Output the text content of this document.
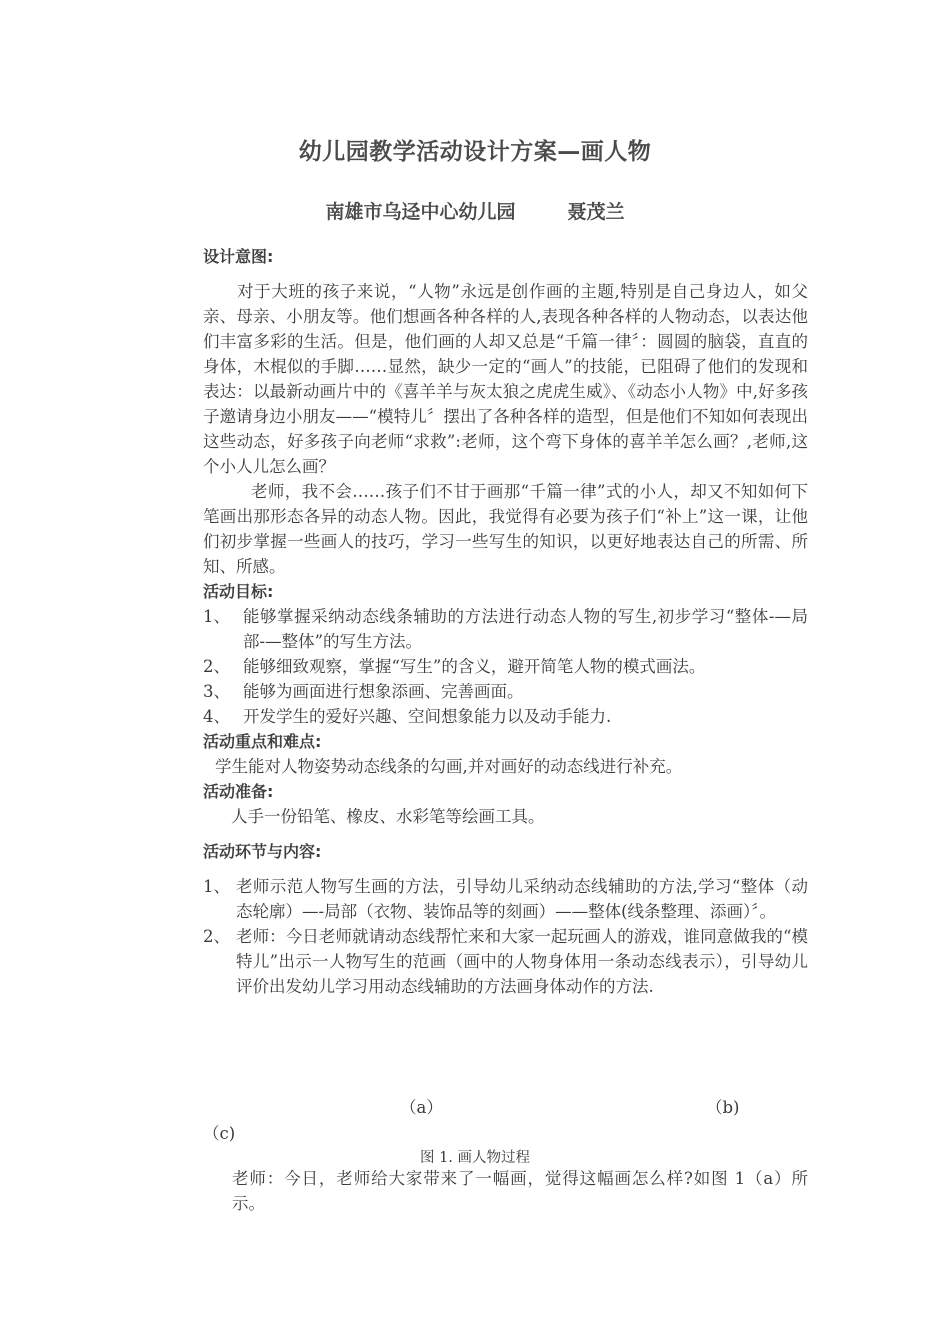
幼儿园教学活动设计方案—画人物
南雄市乌迳中心幼儿园	聂茂兰
设计意图:
对于大班的孩子来说，“人物”永远是创作画的主题,特别是自己身边人，如父亲、母亲、小朋友等。他们想画各种各样的人,表现各种各样的人物动态，以表达他们丰富多彩的生活。但是，他们画的人却又总是“千篇一律〞：圆圆的脑袋，直直的身体，木棍似的手脚……显然，缺少一定的“画人”的技能，已阻碍了他们的发现和表达：以最新动画片中的《喜羊羊与灰太狼之虎虎生威》、《动态小人物》中,好多孩子邀请身边小朋友——“模特儿〞摆出了各种各样的造型，但是他们不知如何表现出这些动态，好多孩子向老师“求救”:老师，这个弯下身体的喜羊羊怎么画？,老师,这个小人儿怎么画？
老师，我不会……孩子们不甘于画那“千篇一律”式的小人，却又不知如何下笔画出那形态各异的动态人物。因此，我觉得有必要为孩子们“补上”这一课，让他们初步掌握一些画人的技巧，学习一些写生的知识，以更好地表达自己的所需、所知、所感。
活动目标:
1、 能够掌握采纳动态线条辅助的方法进行动态人物的写生,初步学习“整体-—局部-—整体”的写生方法。
2、 能够细致观察，掌握“写生”的含义，避开简笔人物的模式画法。
3、 能够为画面进行想象添画、完善画面。
4、 开发学生的爱好兴趣、空间想象能力以及动手能力.
活动重点和难点:
学生能对人物姿势动态线条的勾画,并对画好的动态线进行补充。
活动准备:
人手一份铅笔、橡皮、水彩笔等绘画工具。
活动环节与内容:
1、 老师示范人物写生画的方法，引导幼儿采纳动态线辅助的方法,学习“整体（动态轮廓）—-局部（衣物、装饰品等的刻画）——整体(线条整理、添画）〞。
2、 老师：今日老师就请动态线帮忙来和大家一起玩画人的游戏，谁同意做我的“模特儿”出示一人物写生的范画（画中的人物身体用一条动态线表示），引导幼儿评价出发幼儿学习用动态线辅助的方法画身体动作的方法.
（a）	（b)
（c)
图 1. 画人物过程
老师：今日，老师给大家带来了一幅画，觉得这幅画怎么样?如图 1（a）所示。
